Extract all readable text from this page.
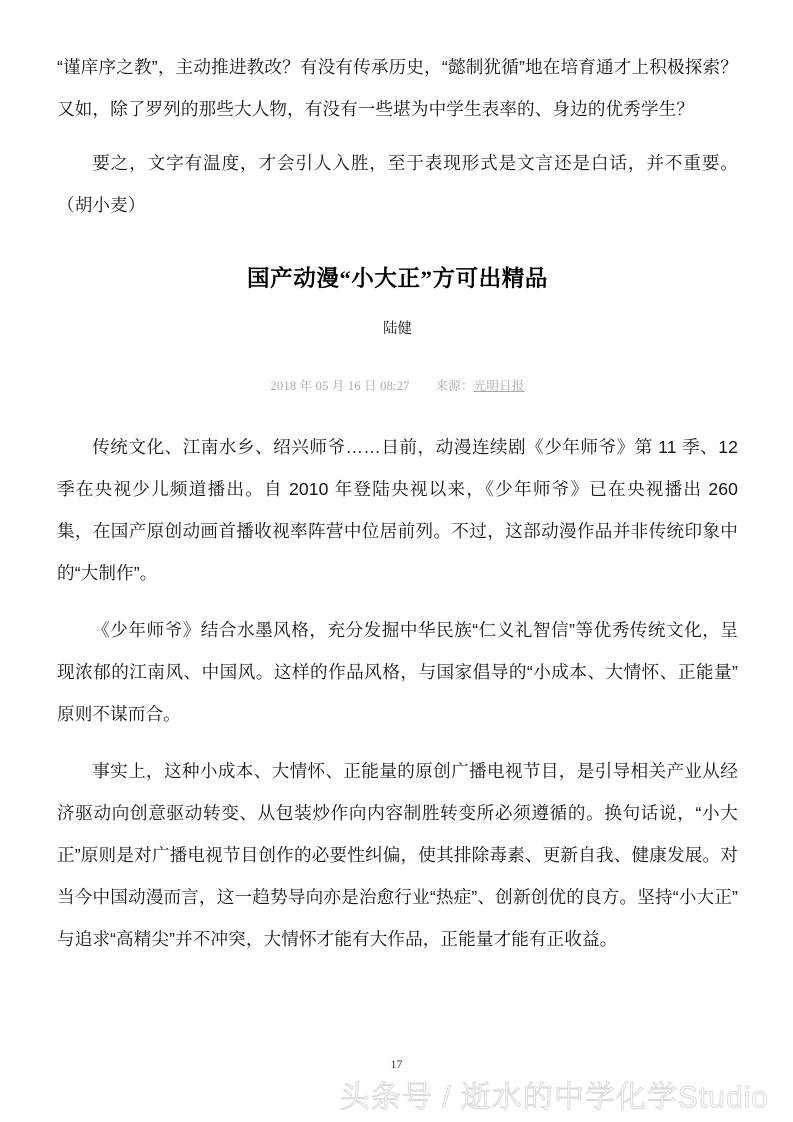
“谨庠序之教”，主动推进教改？有没有传承历史，“懿制犹循”地在培育通才上积极探索？又如，除了罗列的那些大人物，有没有一些堪为中学生表率的、身边的优秀学生？

要之，文字有温度，才会引人入胜，至于表现形式是文言还是白话，并不重要。（胡小麦）

国产动漫“小大正”方可出精品
陆健
2018 年 05 月 16 日 08:27 来源：光明日报

传统文化、江南水乡、绍兴师爷……日前，动漫连续剧《少年师爷》第 11 季、12 季在央视少儿频道播出。自 2010 年登陆央视以来，《少年师爷》已在央视播出 260 集，在国产原创动画首播收视率阵营中位居前列。不过，这部动漫作品并非传统印象中的“大制作”。

《少年师爷》结合水墨风格，充分发掘中华民族“仁义礼智信”等优秀传统文化，呈现浓郁的江南风、中国风。这样的作品风格，与国家倡导的“小成本、大情怀、正能量”原则不谋而合。

事实上，这种小成本、大情怀、正能量的原创广播电视节目，是引导相关产业从经济驱动向创意驱动转变、从包装炒作向内容制胜转变所必须遵循的。换句话说，“小大正”原则是对广播电视节目创作的必要性纠偏，使其排除毒素、更新自我、健康发展。对当今中国动漫而言，这一趋势导向亦是治愈行业“热症”、创新创优的良方。坚持“小大正”与追求“高精尖”并不冲突，大情怀才能有大作品，正能量才能有正收益。

17
头条号 / 逝水的中学化学Studio
